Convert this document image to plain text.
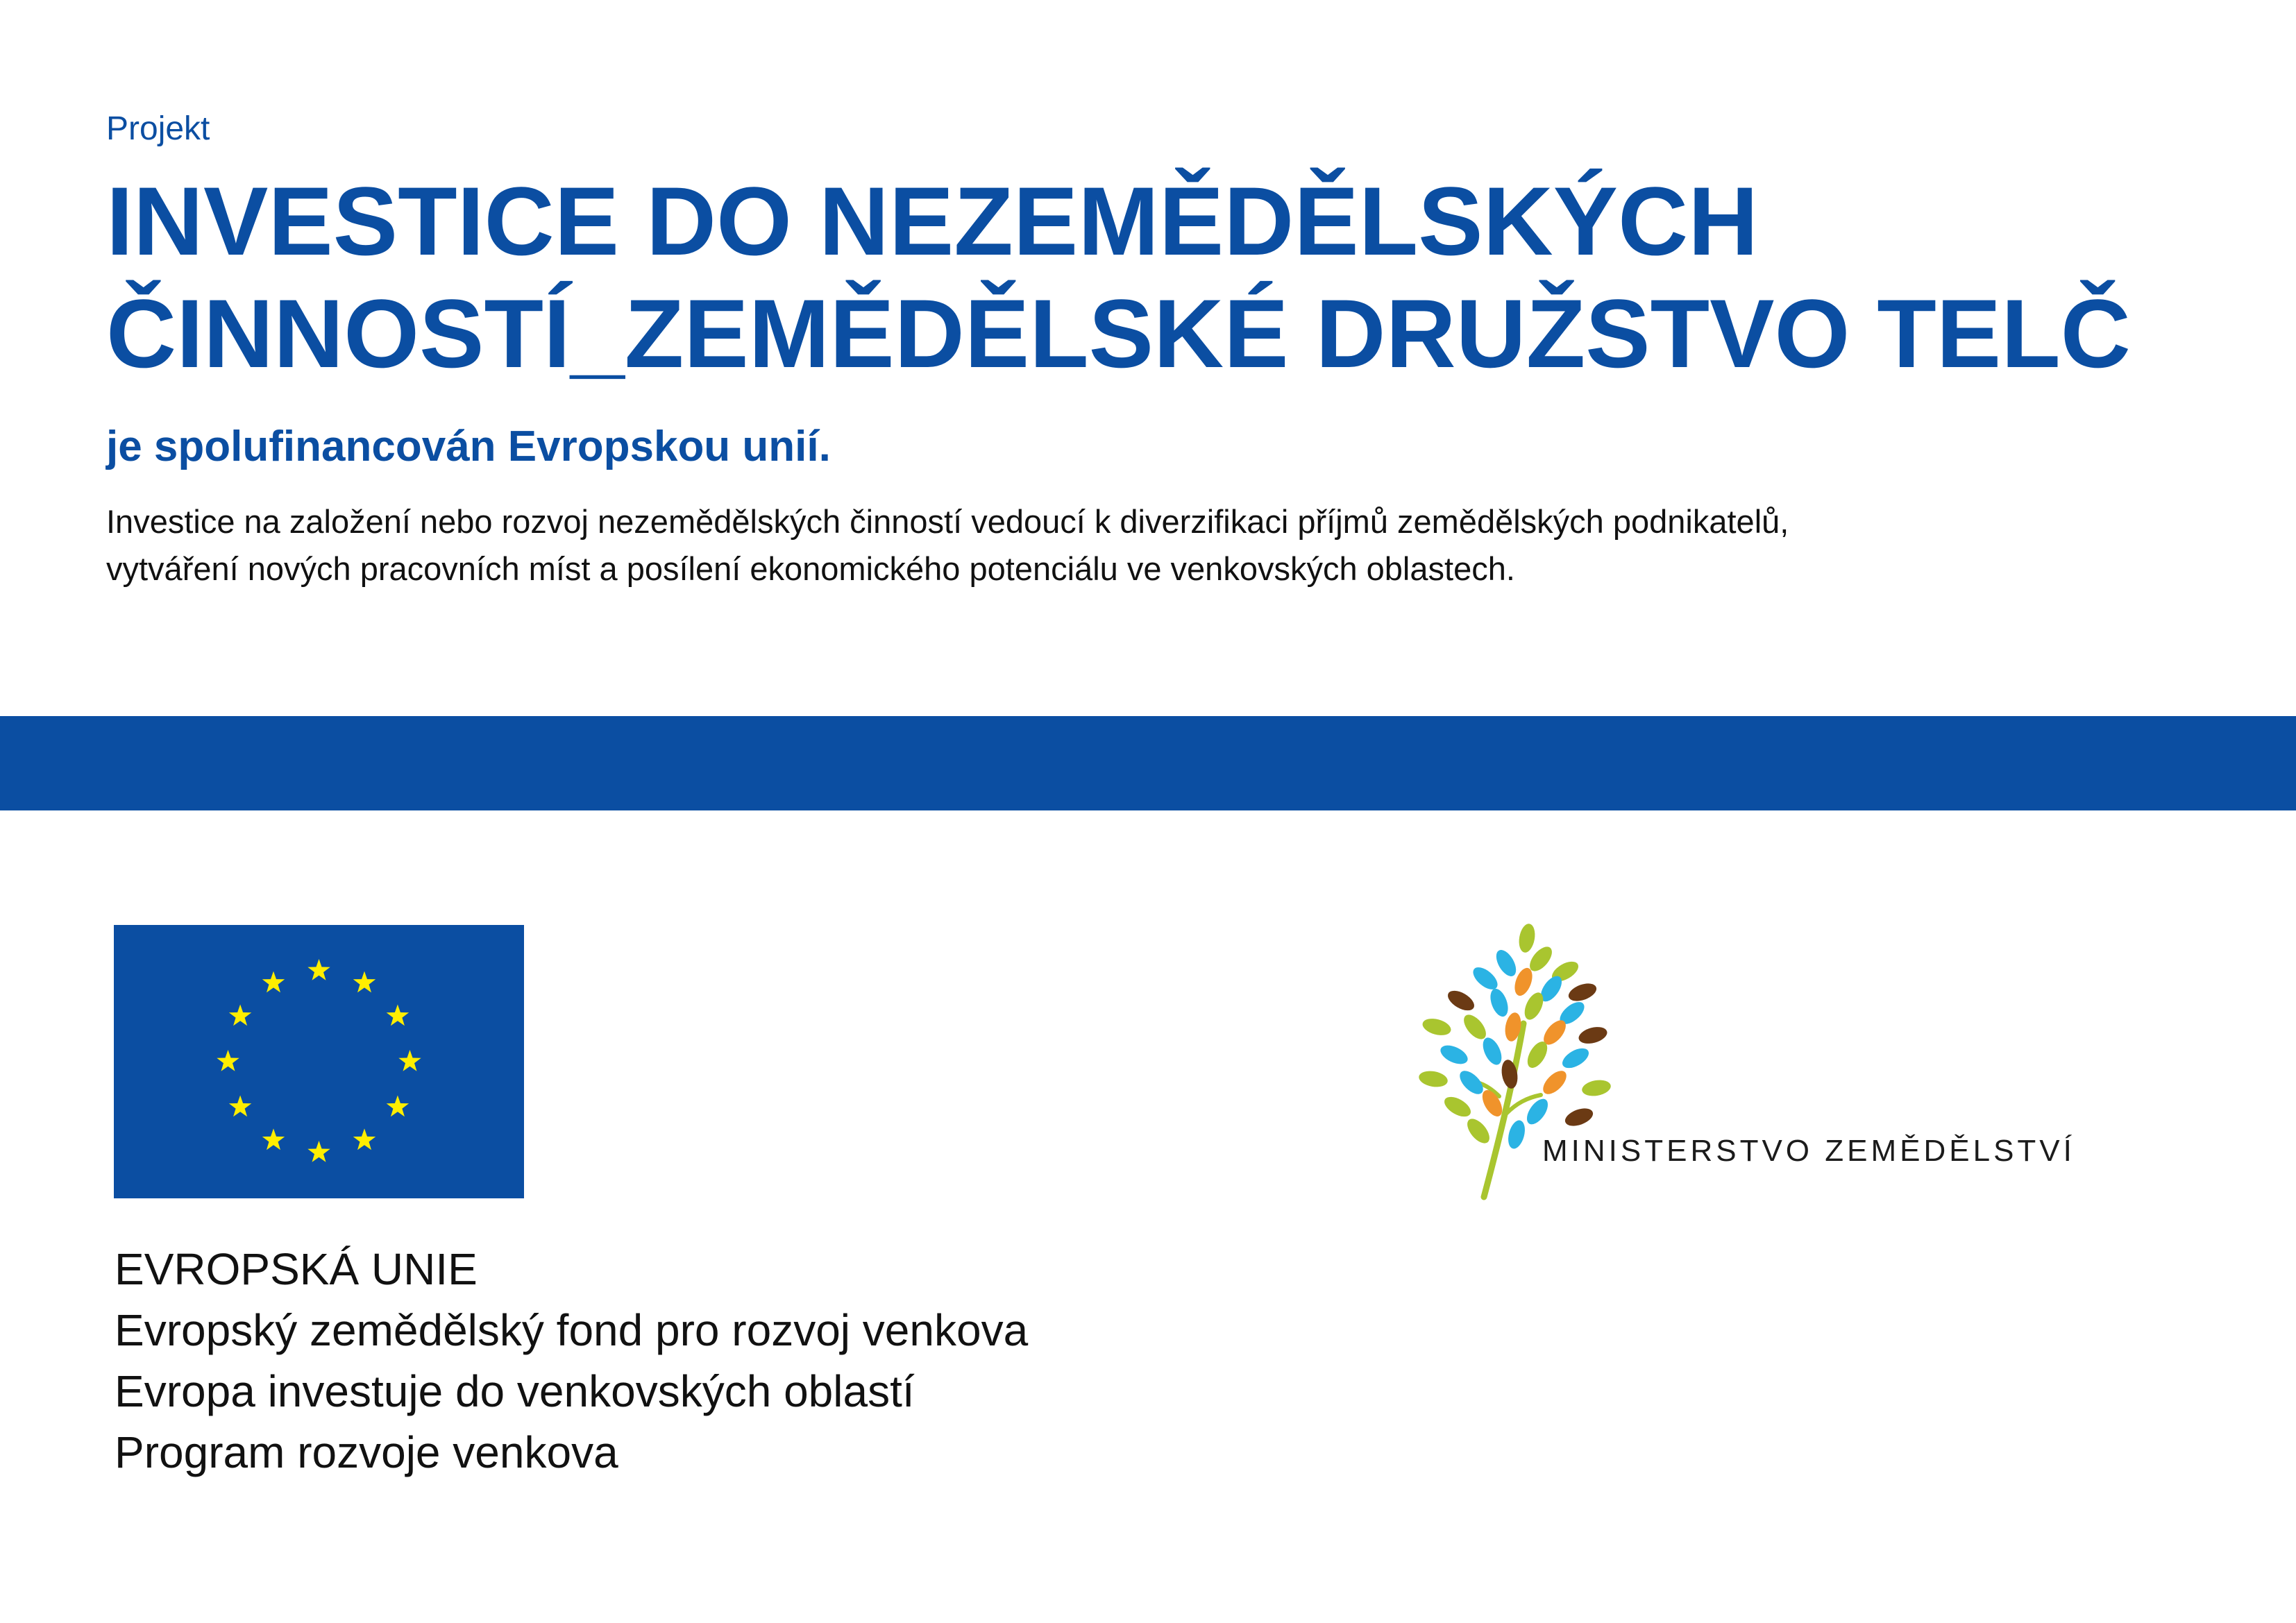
Projekt
INVESTICE DO NEZEMĚDĚLSKÝCH
ČINNOSTÍ_ZEMĚDĚLSKÉ DRUŽSTVO TELČ
je spolufinancován Evropskou unií.

Investice na založení nebo rozvoj nezemědělských činností vedoucí k diverzifikaci příjmů zemědělských podnikatelů,
vytváření nových pracovních míst a posílení ekonomického potenciálu ve venkovských oblastech.

EVROPSKÁ UNIE
Evropský zemědělský fond pro rozvoj venkova
Evropa investuje do venkovských oblastí
Program rozvoje venkova
MINISTERSTVO ZEMĚDĚLSTVÍ
